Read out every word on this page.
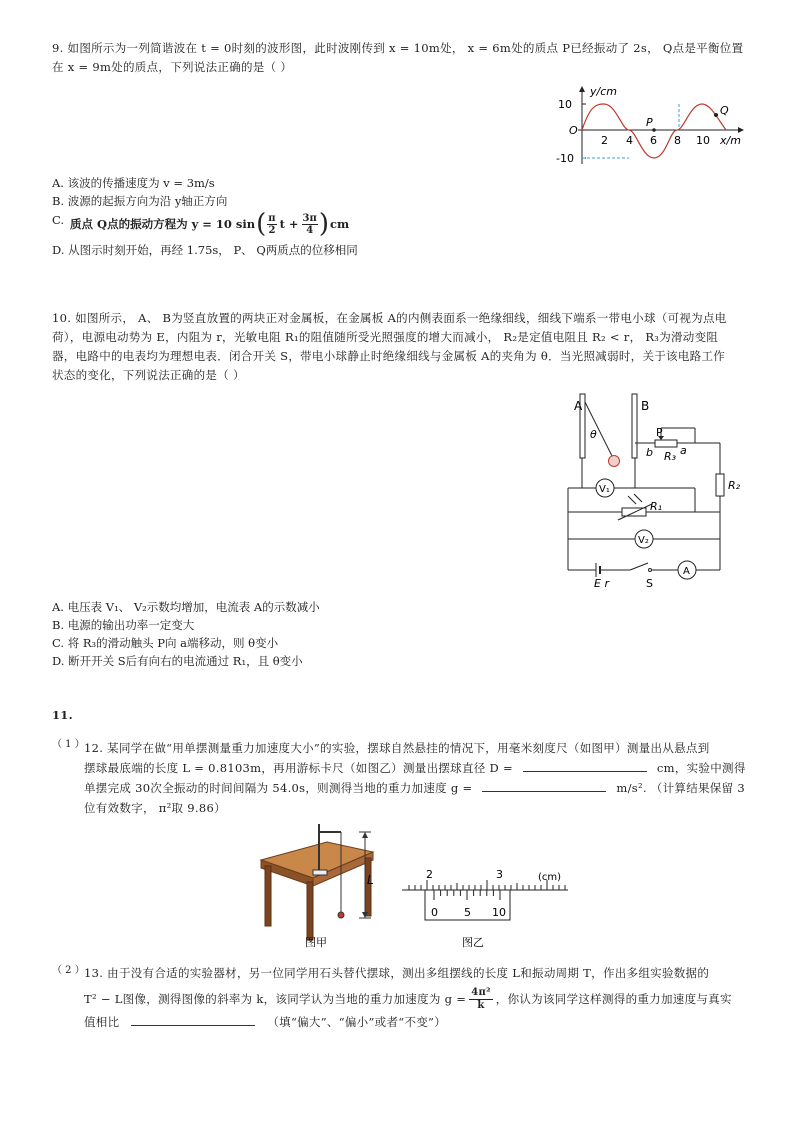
9. 如图所示为一列简谐波在 t = 0时刻的波形图，此时波刚传到 x = 10m处， x = 6m处的质点 P已经振动了 2s， Q点是平衡位置
在 x = 9m处的质点，下列说法正确的是（ ）
y/cm
10
O
-10
2 4 6 8 10 x/m
P
Q
A. 该波的传播速度为 v = 3m/s
B. 波源的起振方向为沿 y轴正方向
C. 质点 Q点的振动方程为 y = 10 sin ( π
2 $t + \frac{3\pi}{4}$ ) cm
D. 从图示时刻开始，再经 1.75s， P、 Q两质点的位移相同
10. 如图所示， A、 B为竖直放置的两块正对金属板，在金属板 A的内侧表面系一绝缘细线，细线下端系一带电小球（可视为点电
荷），电源电动势为 E，内阻为 r，光敏电阻 R₁的阻值随所受光照强度的增大而减小， R₂是定值电阻且 R₂ < r， R₃为滑动变阻
器，电路中的电表均为理想电表．闭合开关 S，带电小球静止时绝缘细线与金属板 A的夹角为 θ．当光照减弱时，关于该电路工作
状态的变化，下列说法正确的是（ ）
A	B
θ	P
b R₃ a
R₂
R₁
V₁
V₂
A
E r	S
A. 电压表 V₁、 V₂示数均增加，电流表 A的示数减小
B. 电源的输出功率一定变大
C. 将 R₃的滑动触头 P向 a端移动，则 θ变小
D. 断开开关 S后有向右的电流通过 R₁，且 θ变小
11.
（ 1 ） 12. 某同学在做“用单摆测量重力加速度大小”的实验，摆球自然悬挂的情况下，用毫米刻度尺（如图甲）测量出从悬点到
摆球最底端的长度 L = 0.8103m，再用游标卡尺（如图乙）测量出摆球直径 D =	cm，实验中测得
单摆完成 30次全振动的时间间隔为 54.0s，则测得当地的重力加速度 g =	m/s². （计算结果保留 3
位有效数字， π²取 9.86）
L
图甲
2	3	(cm)
0 5 10
图乙
（ 2 ） 13. 由于没有合适的实验器材，另一位同学用石头替代摆球，测出多组摆线的长度 L和振动周期 T，作出多组实验数据的
T² − L图像，测得图像的斜率为 k，该同学认为当地的重力加速度为 $g = \frac{\text{4π²}}{k}$ ，你认为该同学这样测得的重力加速度与真实
值相比	（填“偏大”、“偏小”或者“不变”）
